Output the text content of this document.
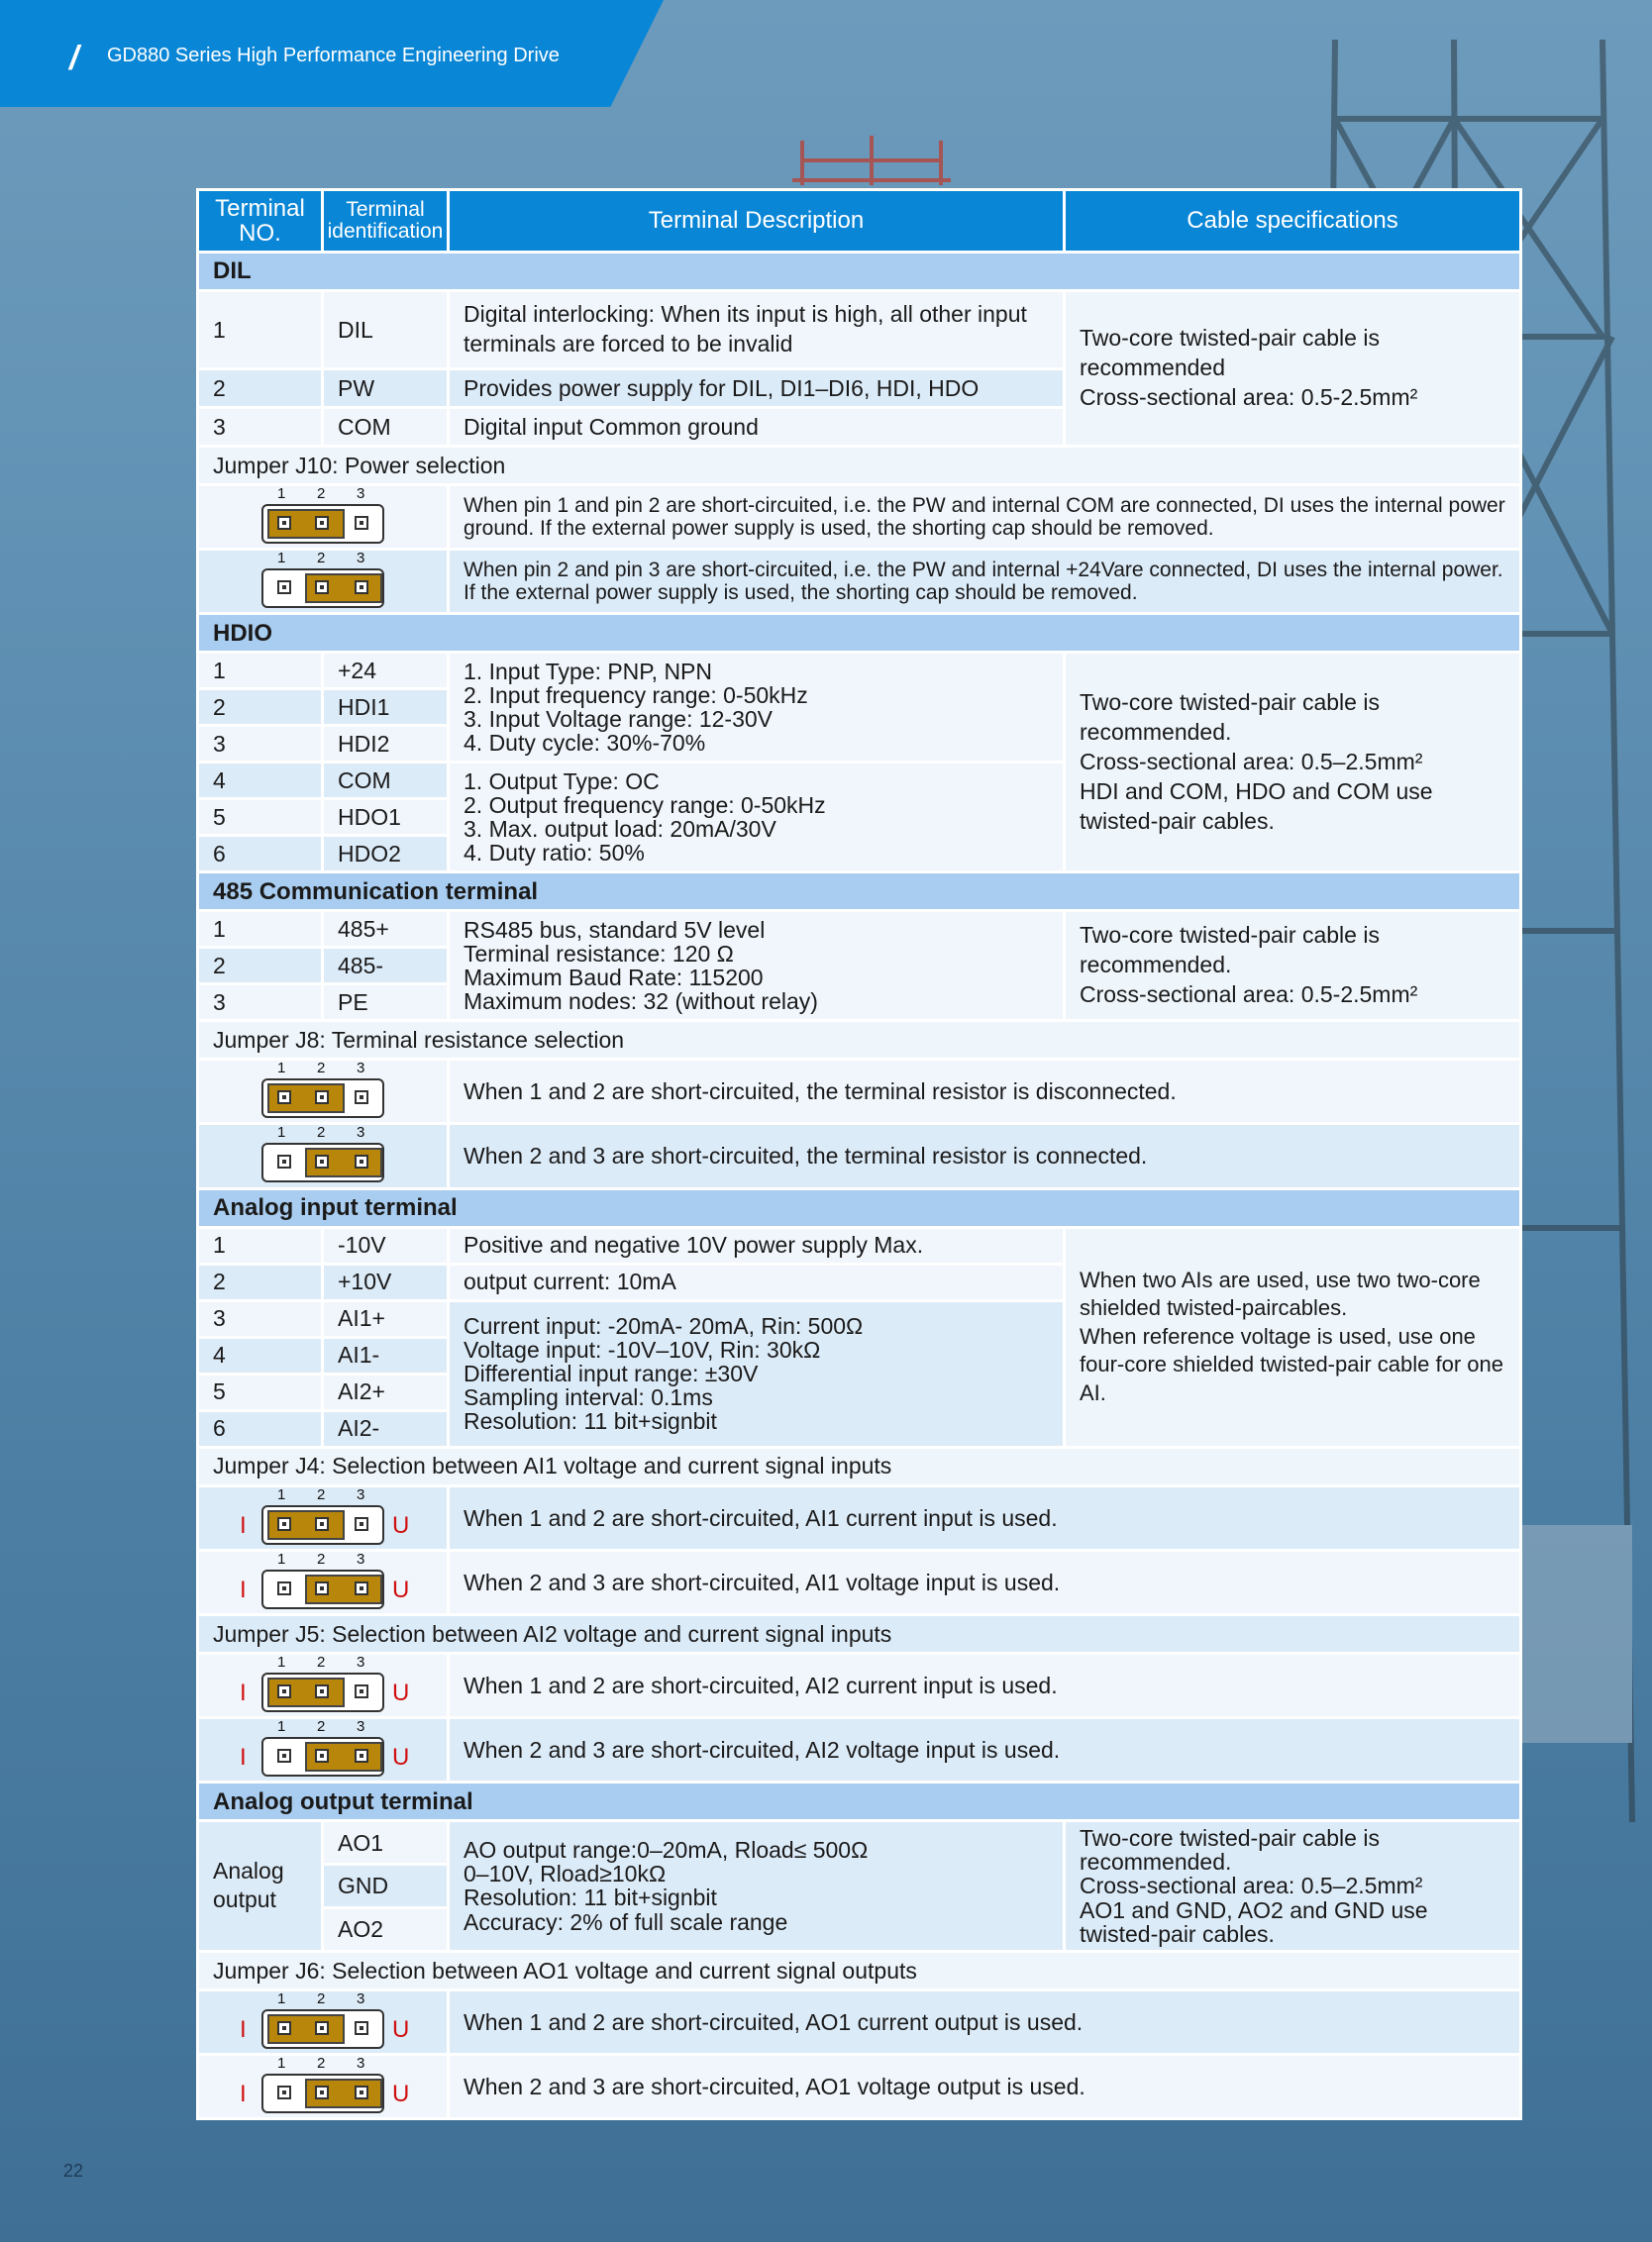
/ GD880 Series High Performance Engineering Drive
Terminal NO.	Terminal identification	Terminal Description	Cable specifications
DIL			
1	DIL	Digital interlocking: When its input is high, all other input terminals are forced to be invalid	Two-core twisted-pair cable is recommended
Cross-sectional area: 0.5-2.5mm²
2	PW	Provides power supply for DIL, DI1–DI6, HDI, HDO	
3	COM	Digital input Common ground	
Jumper J10: Power selection			

1 2 3		When pin 1 and pin 2 are short-circuited, i.e. the PW and internal COM are connected, DI uses the internal power ground. If the external power supply is used, the shorting cap should be removed.	

1 2 3		When pin 2 and pin 3 are short-circuited, i.e. the PW and internal +24Vare connected, DI uses the internal power. If the external power supply is used, the shorting cap should be removed.	
HDIO			
1	+24	1. Input Type: PNP, NPN
2. Input frequency range: 0-50kHz
3. Input Voltage range: 12-30V
4. Duty cycle: 30%-70%	Two-core twisted-pair cable is recommended.
Cross-sectional area: 0.5–2.5mm²
HDI and COM, HDO and COM use twisted-pair cables.
2	HDI1		
3	HDI2		
4	COM	1. Output Type: OC
2. Output frequency range: 0-50kHz
3. Max. output load: 20mA/30V
4. Duty ratio: 50%	
5	HDO1		
6	HDO2		
485 Communication terminal			
1	485+	RS485 bus, standard 5V level
Terminal resistance: 120 Ω
Maximum Baud Rate: 115200
Maximum nodes: 32 (without relay)	Two-core twisted-pair cable is recommended.
Cross-sectional area: 0.5-2.5mm²
2	485-		
3	PE		
Jumper J8: Terminal resistance selection			

1 2 3		When 1 and 2 are short-circuited, the terminal resistor is disconnected.	

1 2 3		When 2 and 3 are short-circuited, the terminal resistor is connected.	
Analog input terminal			
1	-10V	Positive and negative 10V power supply Max.	When two AIs are used, use two two-core shielded twisted-paircables.
When reference voltage is used, use one four-core shielded twisted-pair cable for one AI.
2	+10V	output current: 10mA	
3	AI1+	Current input: -20mA- 20mA, Rin: 500Ω
Voltage input: -10V–10V, Rin: 30kΩ
Differential input range: ±30V
Sampling interval: 0.1ms
Resolution: 11 bit+signbit	
4	AI1-		
5	AI2+		
6	AI2-		
Jumper J4: Selection between AI1 voltage and current signal inputs			

1 2 3
I U		When 1 and 2 are short-circuited, AI1 current input is used.	

1 2 3
I U		When 2 and 3 are short-circuited, AI1 voltage input is used.	
Jumper J5: Selection between AI2 voltage and current signal inputs			

1 2 3
I U		When 1 and 2 are short-circuited, AI2 current input is used.	

1 2 3
I U		When 2 and 3 are short-circuited, AI2 voltage input is used.	
Analog output terminal			
Analog output	AO1	AO output range:0–20mA, Rload≤ 500Ω
0–10V, Rload≥10kΩ
Resolution: 11 bit+signbit
Accuracy: 2% of full scale range	Two-core twisted-pair cable is recommended.
Cross-sectional area: 0.5–2.5mm²
AO1 and GND, AO2 and GND use twisted-pair cables.
	GND		
	AO2		
Jumper J6: Selection between AO1 voltage and current signal outputs			

1 2 3
I U		When 1 and 2 are short-circuited, AO1 current output is used.	

1 2 3
I U		When 2 and 3 are short-circuited, AO1 voltage output is used.	
22
